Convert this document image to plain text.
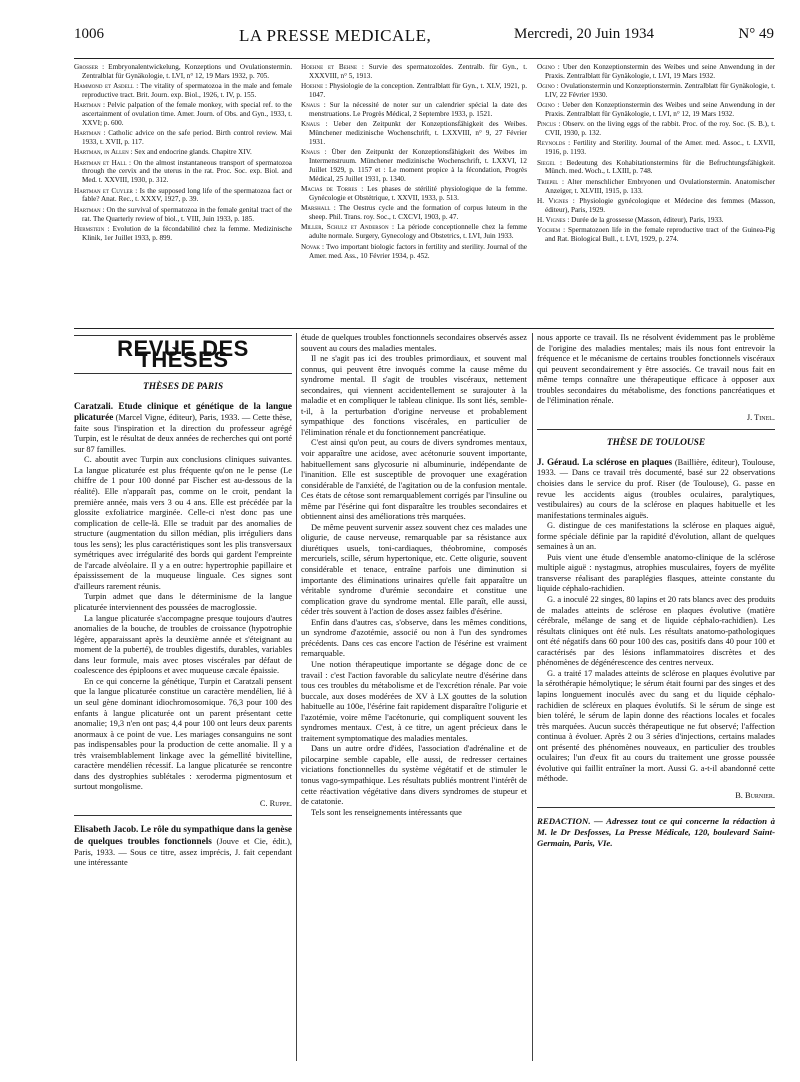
1006	LA PRESSE MEDICALE,	Mercredi, 20 Juin 1934	N° 49

Grosser : Embryonalentwickelung, Konzeptions und Ovulationstermin. Zentralblat für Gynäkologie, t. LVI, n° 12, 19 Mars 1932, p. 705.

Hammond et Asdell : The vitality of spermatozoa in the male and female reproductive tract. Brit. Journ. exp. Biol., 1926, t. IV, p. 155.

Hartman : Pelvic palpation of the female monkey, with special ref. to the ascertainment of ovulation time. Amer. Journ. of Obs. and Gyn., 1933, t. XXVI; p. 600.

Hartman : Catholic advice on the safe period. Birth control review. Mai 1933, t. XVII, p. 117.

Hartman, in Allen : Sex and endocrine glands. Chapitre XIV.

Hartman et Hall : On the almost instantaneous transport of spermatozoa through the cervix and the uterus in the rat. Proc. Soc. exp. Biol. and Med. t. XXVIII, 1930, p. 312.

Hartman et Cuyler : Is the supposed long life of the spermatozoa fact or fable? Anat. Rec., t. XXXV, 1927, p. 39.

Hartman : On the survival of spermatozoa in the female genital tract of the rat. The Quarterly review of biol., t. VIII, Juin 1933, p. 185.

Hermstein : Evolution de la fécondabilité chez la femme. Medizinische Klinik, 1er Juillet 1933, p. 899.

Hoehne et Behne : Survie des spermatozoïdes. Zentralb. für Gyn., t. XXXVIII, n° 5, 1913.

Hoehne : Physiologie de la conception. Zentralblatt für Gyn., t. XLV, 1921, p. 1047.

Knaus : Sur la nécessité de noter sur un calendrier spécial la date des menstruations. Le Progrès Médical, 2 Septembre 1933, p. 1521.

Knaus : Ueber den Zeitpunkt der Konzeptionsfähigkeit des Weibes. Münchener medizinische Wochenschrift, t. LXXVIII, n° 9, 27 Février 1931.

Knaus : Über den Zeitpunkt der Konzeptionsfähigkeit des Weibes im Intermenstruum. Münchener medizinische Wochenschrift, t. LXXVI, 12 Juillet 1929, p. 1157 et : Le moment propice à la fécondation, Progrès Médical, 25 Juillet 1931, p. 1340.

Macias de Torres : Les phases de stérilité physiologique de la femme. Gynécologie et Obstétrique, t. XXVII, 1933, p. 513.

Marshall : The Oestrus cycle and the formation of corpus luteum in the sheep. Phil. Trans. roy. Soc., t. CXCVI, 1903, p. 47.

Miller, Schulz et Anderson : La période conceptionnelle chez la femme adulte normale. Surgery, Gynecology and Obstetrics, t. LVI, Juin 1933.

Novak : Two important biologic factors in fertility and sterility. Journal of the Amer. med. Ass., 10 Février 1934, p. 452.

Ogino : Uber den Konzeptionstermin des Weibes und seine Anwendung in der Praxis. Zentralblatt für Gynäkologie, t. LVI, 19 Mars 1932.

Ogino : Ovulationstermin und Konzeptionstermin. Zentralblatt für Gynäkologie, t. LIV, 22 Février 1930.

Ogino : Ueber den Konzeptionstermin des Weibes und seine Anwendung in der Praxis. Zentralblatt für Gynäkologie, t. LVI, n° 12, 19 Mars 1932.

Pincus : Observ. on the living eggs of the rabbit. Proc. of the roy. Soc. (S. B.), t. CVII, 1930, p. 132.

Reynolds : Fertility and Sterility. Journal of the Amer. med. Assoc., t. LXVII, 1916, p. 1193.

Siegel : Bedeutung des Kohabitationstermins für die Befruchtungsfähigkeit. Münch. med. Woch., t. LXIII, p. 748.

Triepel : Alter menschlicher Embryonen und Ovulationstermin. Anatomischer Anzeiger, t. XLVIII, 1915, p. 133.

H. Vignes : Physiologie gynécologique et Médecine des femmes (Masson, éditeur), Paris, 1929.

H. Vignes : Durée de la grossesse (Masson, éditeur), Paris, 1933.

Yochem : Spermatozoen life in the female reproductive tract of the Guinea-Pig and Rat. Biological Bull., t. LVI, 1929, p. 274.

REVUE DES THÈSES
THÈSES DE PARIS

Caratzali. Etude clinique et génétique de la langue plicaturée (Marcel Vigne, éditeur), Paris, 1933. — Cette thèse, faite sous l'inspiration et la direction du professeur agrégé Turpin, est le résultat de deux années de recherches qui ont porté sur 87 familles.

C. aboutit avec Turpin aux conclusions cliniques suivantes. La langue plicaturée est plus fréquente qu'on ne le pense (Le chiffre de 1 pour 100 donné par Fischer est au-dessous de la réalité). Elle n'apparaît pas, comme on le croit, pendant la première année, mais vers 3 ou 4 ans. Elle est précédée par la glossite exfoliatrice marginée. Celle-ci n'est donc pas une complication de celle-là. Elle se traduit par des anomalies de structure (augmentation du sillon médian, plis irréguliers dans tous les sens); les plus caractéristiques sont les plis transversaux symétriques avec irrégularité des bords qui gardent l'empreinte de l'arcade alvéolaire. Il y a en outre: hypertrophie papillaire et épaississement de la muqueuse linguale. Ces signes sont d'ailleurs rarement réunis.

Turpin admet que dans le déterminisme de la langue plicaturée interviennent des poussées de macroglossie.

La langue plicaturée s'accompagne presque toujours d'autres anomalies de la bouche, de troubles de croissance (hypotrophie légère, apparaissant après la deuxième année et s'éteignant au moment de la puberté), de troubles digestifs, durables, variables dans leur formule, mais avec ptoses viscérales par défaut de coalescence des épiploons et avec muqueuse cæcale épaissie.

En ce qui concerne la génétique, Turpin et Caratzali pensent que la langue plicaturée constitue un caractère mendélien, lié à un seul gène dominant idiochromosomique. 76,3 pour 100 des enfants à langue plicaturée ont un parent présentant cette anomalie; 19,3 n'en ont pas; 4,4 pour 100 ont leurs deux parents anormaux à ce point de vue. Les mariages consanguins ne sont pas indispensables pour la production de cette anomalie. Il y a très vraisemblablement linkage avec la gémellité bivitelline, caractère mendélien récessif. La langue plicaturée se rencontre dans des dystrophies sublétales : xeroderma pigmentosum et surtout mongolisme.

C. Ruppe.

Elisabeth Jacob. Le rôle du sympathique dans la genèse de quelques troubles fonctionnels (Jouve et Cie, édit.), Paris, 1933. — Sous ce titre, assez imprécis, J. fait cependant une intéressante

étude de quelques troubles fonctionnels secondaires observés assez souvent au cours des maladies mentales.

Il ne s'agit pas ici des troubles primordiaux, et souvent mal connus, qui peuvent être invoqués comme la cause même du syndrome mental. Il s'agit de troubles viscéraux, nettement secondaires, qui viennent accidentellement se surajouter à la maladie et en compliquer le tableau clinique. Ils sont liés, semble-t-il, à la perturbation d'origine nerveuse et probablement sympathique des fonctions viscérales, en particulier de l'élimination rénale et du fonctionnement pancréatique.

C'est ainsi qu'on peut, au cours de divers syndromes mentaux, voir apparaître une acidose, avec acétonurie souvent importante, habituellement sans glycosurie ni albuminurie, indépendante de l'inanition. Elle est susceptible de provoquer une exagération considérable de l'anxiété, de l'agitation ou de la confusion mentale. Ces états de cétose sont remarquablement corrigés par l'insuline ou même par l'ésérine qui font disparaître les troubles secondaires et obtiennent ainsi des améliorations très marquées.

De même peuvent survenir assez souvent chez ces malades une oligurie, de cause nerveuse, remarquable par sa résistance aux diurétiques usuels, toni-cardiaques, théobromine, composés mercuriels, scille, sérum hypertonique, etc. Cette oligurie, souvent considérable et tenace, entraîne parfois une diminution si importante des éliminations urinaires qu'elle fait apparaître un véritable syndrome d'urémie secondaire et constitue une complication grave du syndrome mental. Elle paraît, elle aussi, céder très souvent à l'action de doses assez faibles d'ésérine.

Enfin dans d'autres cas, s'observe, dans les mêmes conditions, un syndrome d'azotémie, associé ou non à l'un des syndromes précédents. Dans ces cas encore l'action de l'ésérine est vraiment remarquable.

Une notion thérapeutique importante se dégage donc de ce travail : c'est l'action favorable du salicylate neutre d'ésérine dans tous ces troubles du métabolisme et de l'excrétion rénale. Par voie buccale, aux doses modérées de XV à LX gouttes de la solution habituelle au 100e, l'ésérine fait rapidement disparaître l'oligurie et l'azotémie, voire même l'acétonurie, qui compliquent souvent les syndromes mentaux. C'est, à ce titre, un agent précieux dans le traitement symptomatique des maladies mentales.

Dans un autre ordre d'idées, l'association d'adrénaline et de pilocarpine semble capable, elle aussi, de redresser certaines viciations fonctionnelles du système végétatif et de stimuler le tonus vago-sympathique. Les résultats publiés montrent l'intérêt de cette réactivation végétative dans divers syndromes de stupeur et de catatonie.

Tels sont les renseignements intéressants que

nous apporte ce travail. Ils ne résolvent évidemment pas le problème de l'origine des maladies mentales; mais ils nous font entrevoir la fréquence et le mécanisme de certains troubles fonctionnels viscéraux qui peuvent secondairement y être associés. Ce travail nous fait en même temps connaître une thérapeutique efficace à opposer aux troubles secondaires du métabolisme, des fonctions pancréatiques et de l'élimination rénale.

J. Tinel.

THÈSE DE TOULOUSE

J. Géraud. La sclérose en plaques (Baillière, éditeur), Toulouse, 1933. — Dans ce travail très documenté, basé sur 22 observations choisies dans le service du prof. Riser (de Toulouse), G. passe en revue les accidents aigus (troubles oculaires, paralytiques, vestibulaires) au cours de la sclérose en plaques habituelle et les manifestations terminales aiguës.

G. distingue de ces manifestations la sclérose en plaques aiguë, forme spéciale définie par la rapidité d'évolution, allant de quelques semaines à un an.

Puis vient une étude d'ensemble anatomo-clinique de la sclérose multiple aiguë : nystagmus, atrophies musculaires, foyers de myélite transverse réalisant des paraplégies flasques, atteinte constante du liquide céphalo-rachidien.

G. a inoculé 22 singes, 80 lapins et 20 rats blancs avec des produits de malades atteints de sclérose en plaques évolutive (matière cérébrale, mélange de sang et de liquide céphalo-rachidien). Les résultats cliniques ont été nuls. Les résultats anatomo-pathologiques ont été négatifs dans 60 pour 100 des cas, positifs dans 40 pour 100 et caractérisés par des lésions inflammatoires discrètes et des phénomènes de dégénérescence des centres nerveux.

G. a traité 17 malades atteints de sclérose en plaques évolutive par la sérothérapie hémolytique; le sérum était fourni par des singes et des lapins longuement inoculés avec du sang et du liquide céphalo-rachidien de scléreux en plaques évolutifs. Si le sérum de singe est bien toléré, le sérum de lapin donne des réactions locales et focales très marquées. Aucun succès thérapeutique ne fut observé; l'affection continua à évoluer. Après 2 ou 3 séries d'injections, certains malades ont présenté des phénomènes nouveaux, en particulier des troubles oculaires; l'un d'eux fit au cours du traitement une grosse poussée évolutive qui faillit entraîner la mort. Aussi G. a-t-il abandonné cette méthode.

B. Burnier.

REDACTION. — Adressez tout ce qui concerne la rédaction à M. le Dr Desfosses, La Presse Médicale, 120, boulevard Saint-Germain, Paris, VIe.
